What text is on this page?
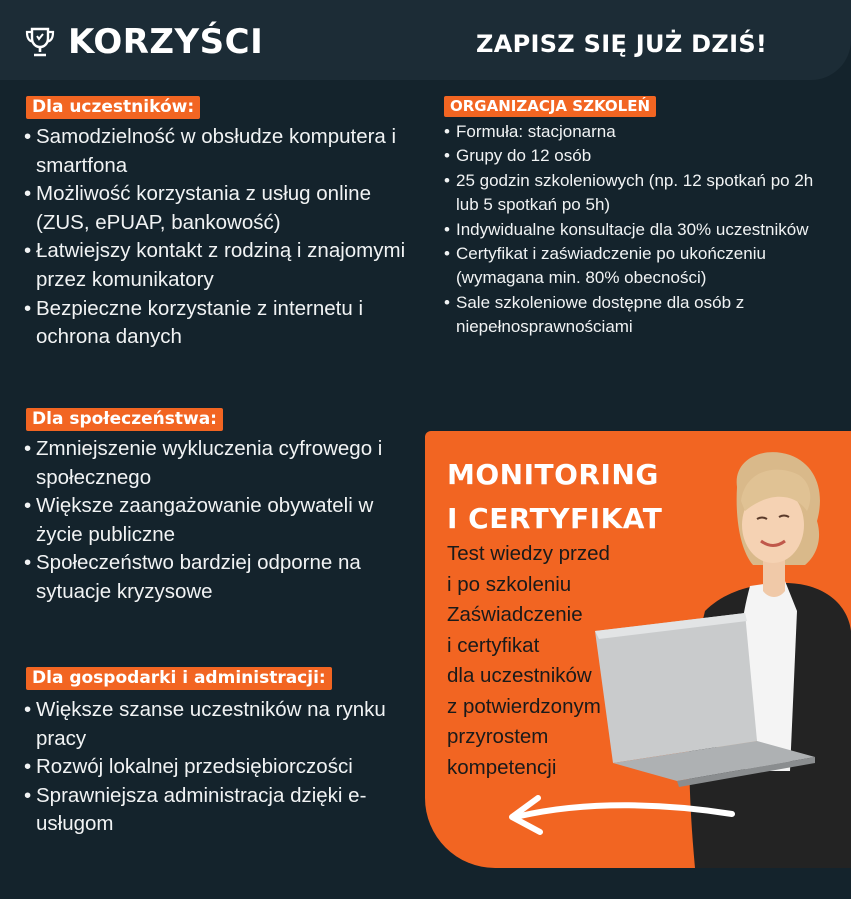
KORZYŚCI	ZAPISZ SIĘ JUŻ DZIŚ!
Dla uczestników:
• Samodzielność w obsłudze komputera i smartfona
• Możliwość korzystania z usług online (ZUS, ePUAP, bankowość)
• Łatwiejszy kontakt z rodziną i znajomymi przez komunikatory
• Bezpieczne korzystanie z internetu i ochrona danych
ORGANIZACJA SZKOLEŃ
• Formuła: stacjonarna
• Grupy do 12 osób
• 25 godzin szkoleniowych (np. 12 spotkań po 2h lub 5 spotkań po 5h)
• Indywidualne konsultacje dla 30% uczestników
• Certyfikat i zaświadczenie po ukończeniu (wymagana min. 80% obecności)
• Sale szkoleniowe dostępne dla osób z niepełnosprawnościami
Dla społeczeństwa:
• Zmniejszenie wykluczenia cyfrowego i społecznego
• Większe zaangażowanie obywateli w życie publiczne
• Społeczeństwo bardziej odporne na sytuacje kryzysowe
Dla gospodarki i administracji:
• Większe szanse uczestników na rynku pracy
• Rozwój lokalnej przedsiębiorczości
• Sprawniejsza administracja dzięki e-usługom
MONITORING
I CERTYFIKAT
Test wiedzy przed
i po szkoleniu
Zaświadczenie
i certyfikat
dla uczestników
z potwierdzonym
przyrostem
kompetencji
